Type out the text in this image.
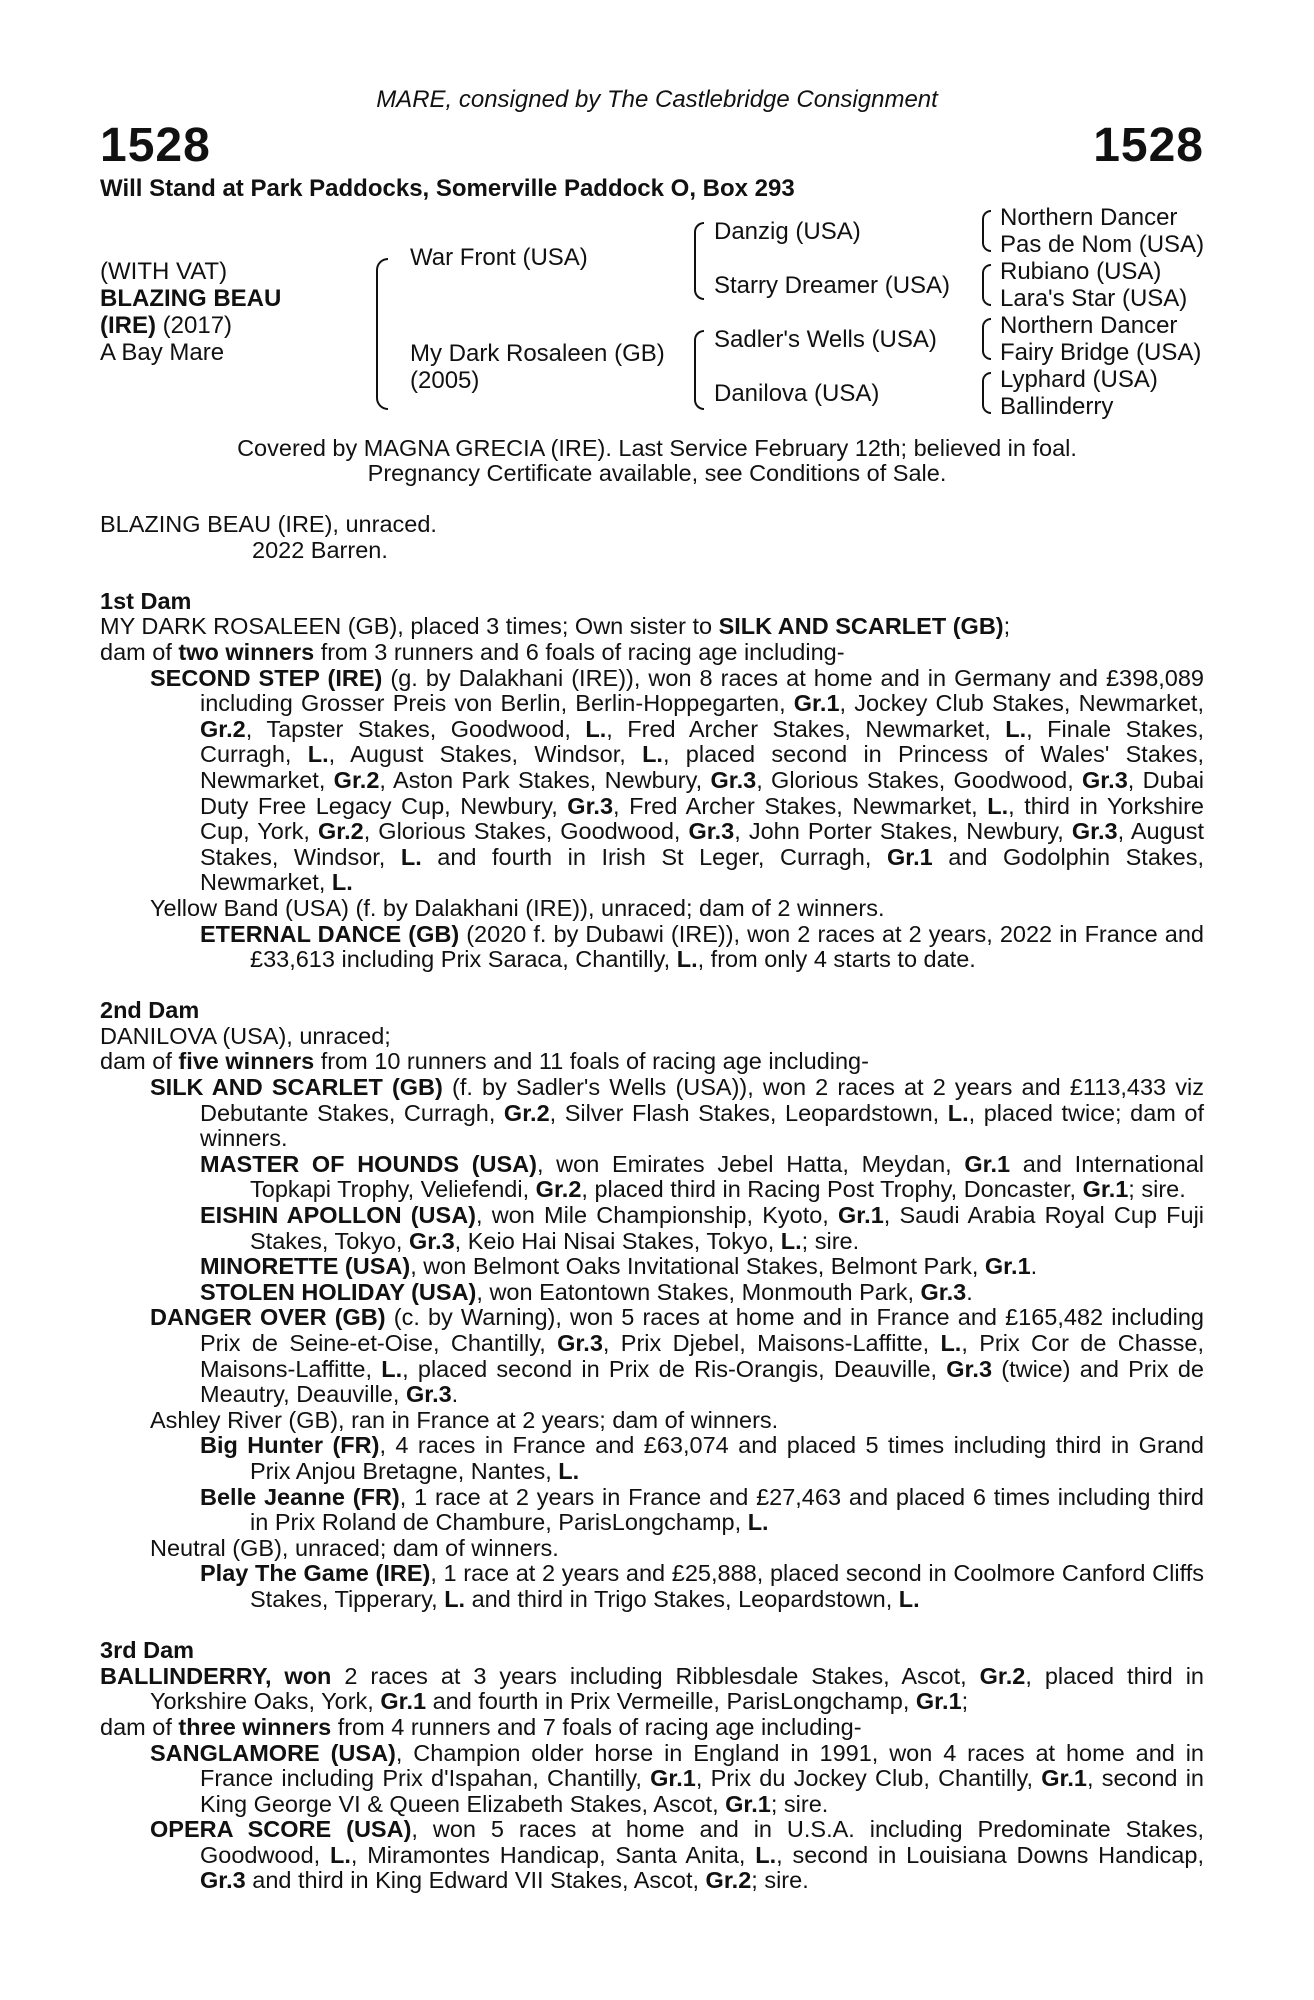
MARE, consigned by The Castlebridge Consignment
1528	1528
Will Stand at Park Paddocks, Somerville Paddock O, Box 293
(WITH VAT)
BLAZING BEAU
(IRE) (2017)
A Bay Mare
War Front (USA)
My Dark Rosaleen (GB)
(2005)
Danzig (USA)
Starry Dreamer (USA)
Sadler's Wells (USA)
Danilova (USA)
Northern Dancer
Pas de Nom (USA)
Rubiano (USA)
Lara's Star (USA)
Northern Dancer
Fairy Bridge (USA)
Lyphard (USA)
Ballinderry
Covered by MAGNA GRECIA (IRE). Last Service February 12th; believed in foal.
Pregnancy Certificate available, see Conditions of Sale.

BLAZING BEAU (IRE), unraced.

2022 Barren.

1st Dam

MY DARK ROSALEEN (GB), placed 3 times; Own sister to SILK AND SCARLET (GB);

dam of two winners from 3 runners and 6 foals of racing age including-

SECOND STEP (IRE) (g. by Dalakhani (IRE)), won 8 races at home and in Germany and £398,089 including Grosser Preis von Berlin, Berlin-Hoppegarten, Gr.1, Jockey Club Stakes, Newmarket, Gr.2, Tapster Stakes, Goodwood, L., Fred Archer Stakes, Newmarket, L., Finale Stakes, Curragh, L., August Stakes, Windsor, L., placed second in Princess of Wales' Stakes, Newmarket, Gr.2, Aston Park Stakes, Newbury, Gr.3, Glorious Stakes, Goodwood, Gr.3, Dubai Duty Free Legacy Cup, Newbury, Gr.3, Fred Archer Stakes, Newmarket, L., third in Yorkshire Cup, York, Gr.2, Glorious Stakes, Goodwood, Gr.3, John Porter Stakes, Newbury, Gr.3, August Stakes, Windsor, L. and fourth in Irish St Leger, Curragh, Gr.1 and Godolphin Stakes, Newmarket, L.

Yellow Band (USA) (f. by Dalakhani (IRE)), unraced; dam of 2 winners.

ETERNAL DANCE (GB) (2020 f. by Dubawi (IRE)), won 2 races at 2 years, 2022 in France and £33,613 including Prix Saraca, Chantilly, L., from only 4 starts to date.

2nd Dam

DANILOVA (USA), unraced;

dam of five winners from 10 runners and 11 foals of racing age including-

SILK AND SCARLET (GB) (f. by Sadler's Wells (USA)), won 2 races at 2 years and £113,433 viz Debutante Stakes, Curragh, Gr.2, Silver Flash Stakes, Leopardstown, L., placed twice; dam of winners.

MASTER OF HOUNDS (USA), won Emirates Jebel Hatta, Meydan, Gr.1 and International Topkapi Trophy, Veliefendi, Gr.2, placed third in Racing Post Trophy, Doncaster, Gr.1; sire.

EISHIN APOLLON (USA), won Mile Championship, Kyoto, Gr.1, Saudi Arabia Royal Cup Fuji Stakes, Tokyo, Gr.3, Keio Hai Nisai Stakes, Tokyo, L.; sire.

MINORETTE (USA), won Belmont Oaks Invitational Stakes, Belmont Park, Gr.1.

STOLEN HOLIDAY (USA), won Eatontown Stakes, Monmouth Park, Gr.3.

DANGER OVER (GB) (c. by Warning), won 5 races at home and in France and £165,482 including Prix de Seine-et-Oise, Chantilly, Gr.3, Prix Djebel, Maisons-Laffitte, L., Prix Cor de Chasse, Maisons-Laffitte, L., placed second in Prix de Ris-Orangis, Deauville, Gr.3 (twice) and Prix de Meautry, Deauville, Gr.3.

Ashley River (GB), ran in France at 2 years; dam of winners.

Big Hunter (FR), 4 races in France and £63,074 and placed 5 times including third in Grand Prix Anjou Bretagne, Nantes, L.

Belle Jeanne (FR), 1 race at 2 years in France and £27,463 and placed 6 times including third in Prix Roland de Chambure, ParisLongchamp, L.

Neutral (GB), unraced; dam of winners.

Play The Game (IRE), 1 race at 2 years and £25,888, placed second in Coolmore Canford Cliffs Stakes, Tipperary, L. and third in Trigo Stakes, Leopardstown, L.

3rd Dam

BALLINDERRY, won 2 races at 3 years including Ribblesdale Stakes, Ascot, Gr.2, placed third in Yorkshire Oaks, York, Gr.1 and fourth in Prix Vermeille, ParisLongchamp, Gr.1;

dam of three winners from 4 runners and 7 foals of racing age including-

SANGLAMORE (USA), Champion older horse in England in 1991, won 4 races at home and in France including Prix d'Ispahan, Chantilly, Gr.1, Prix du Jockey Club, Chantilly, Gr.1, second in King George VI & Queen Elizabeth Stakes, Ascot, Gr.1; sire.

OPERA SCORE (USA), won 5 races at home and in U.S.A. including Predominate Stakes, Goodwood, L., Miramontes Handicap, Santa Anita, L., second in Louisiana Downs Handicap, Gr.3 and third in King Edward VII Stakes, Ascot, Gr.2; sire.
